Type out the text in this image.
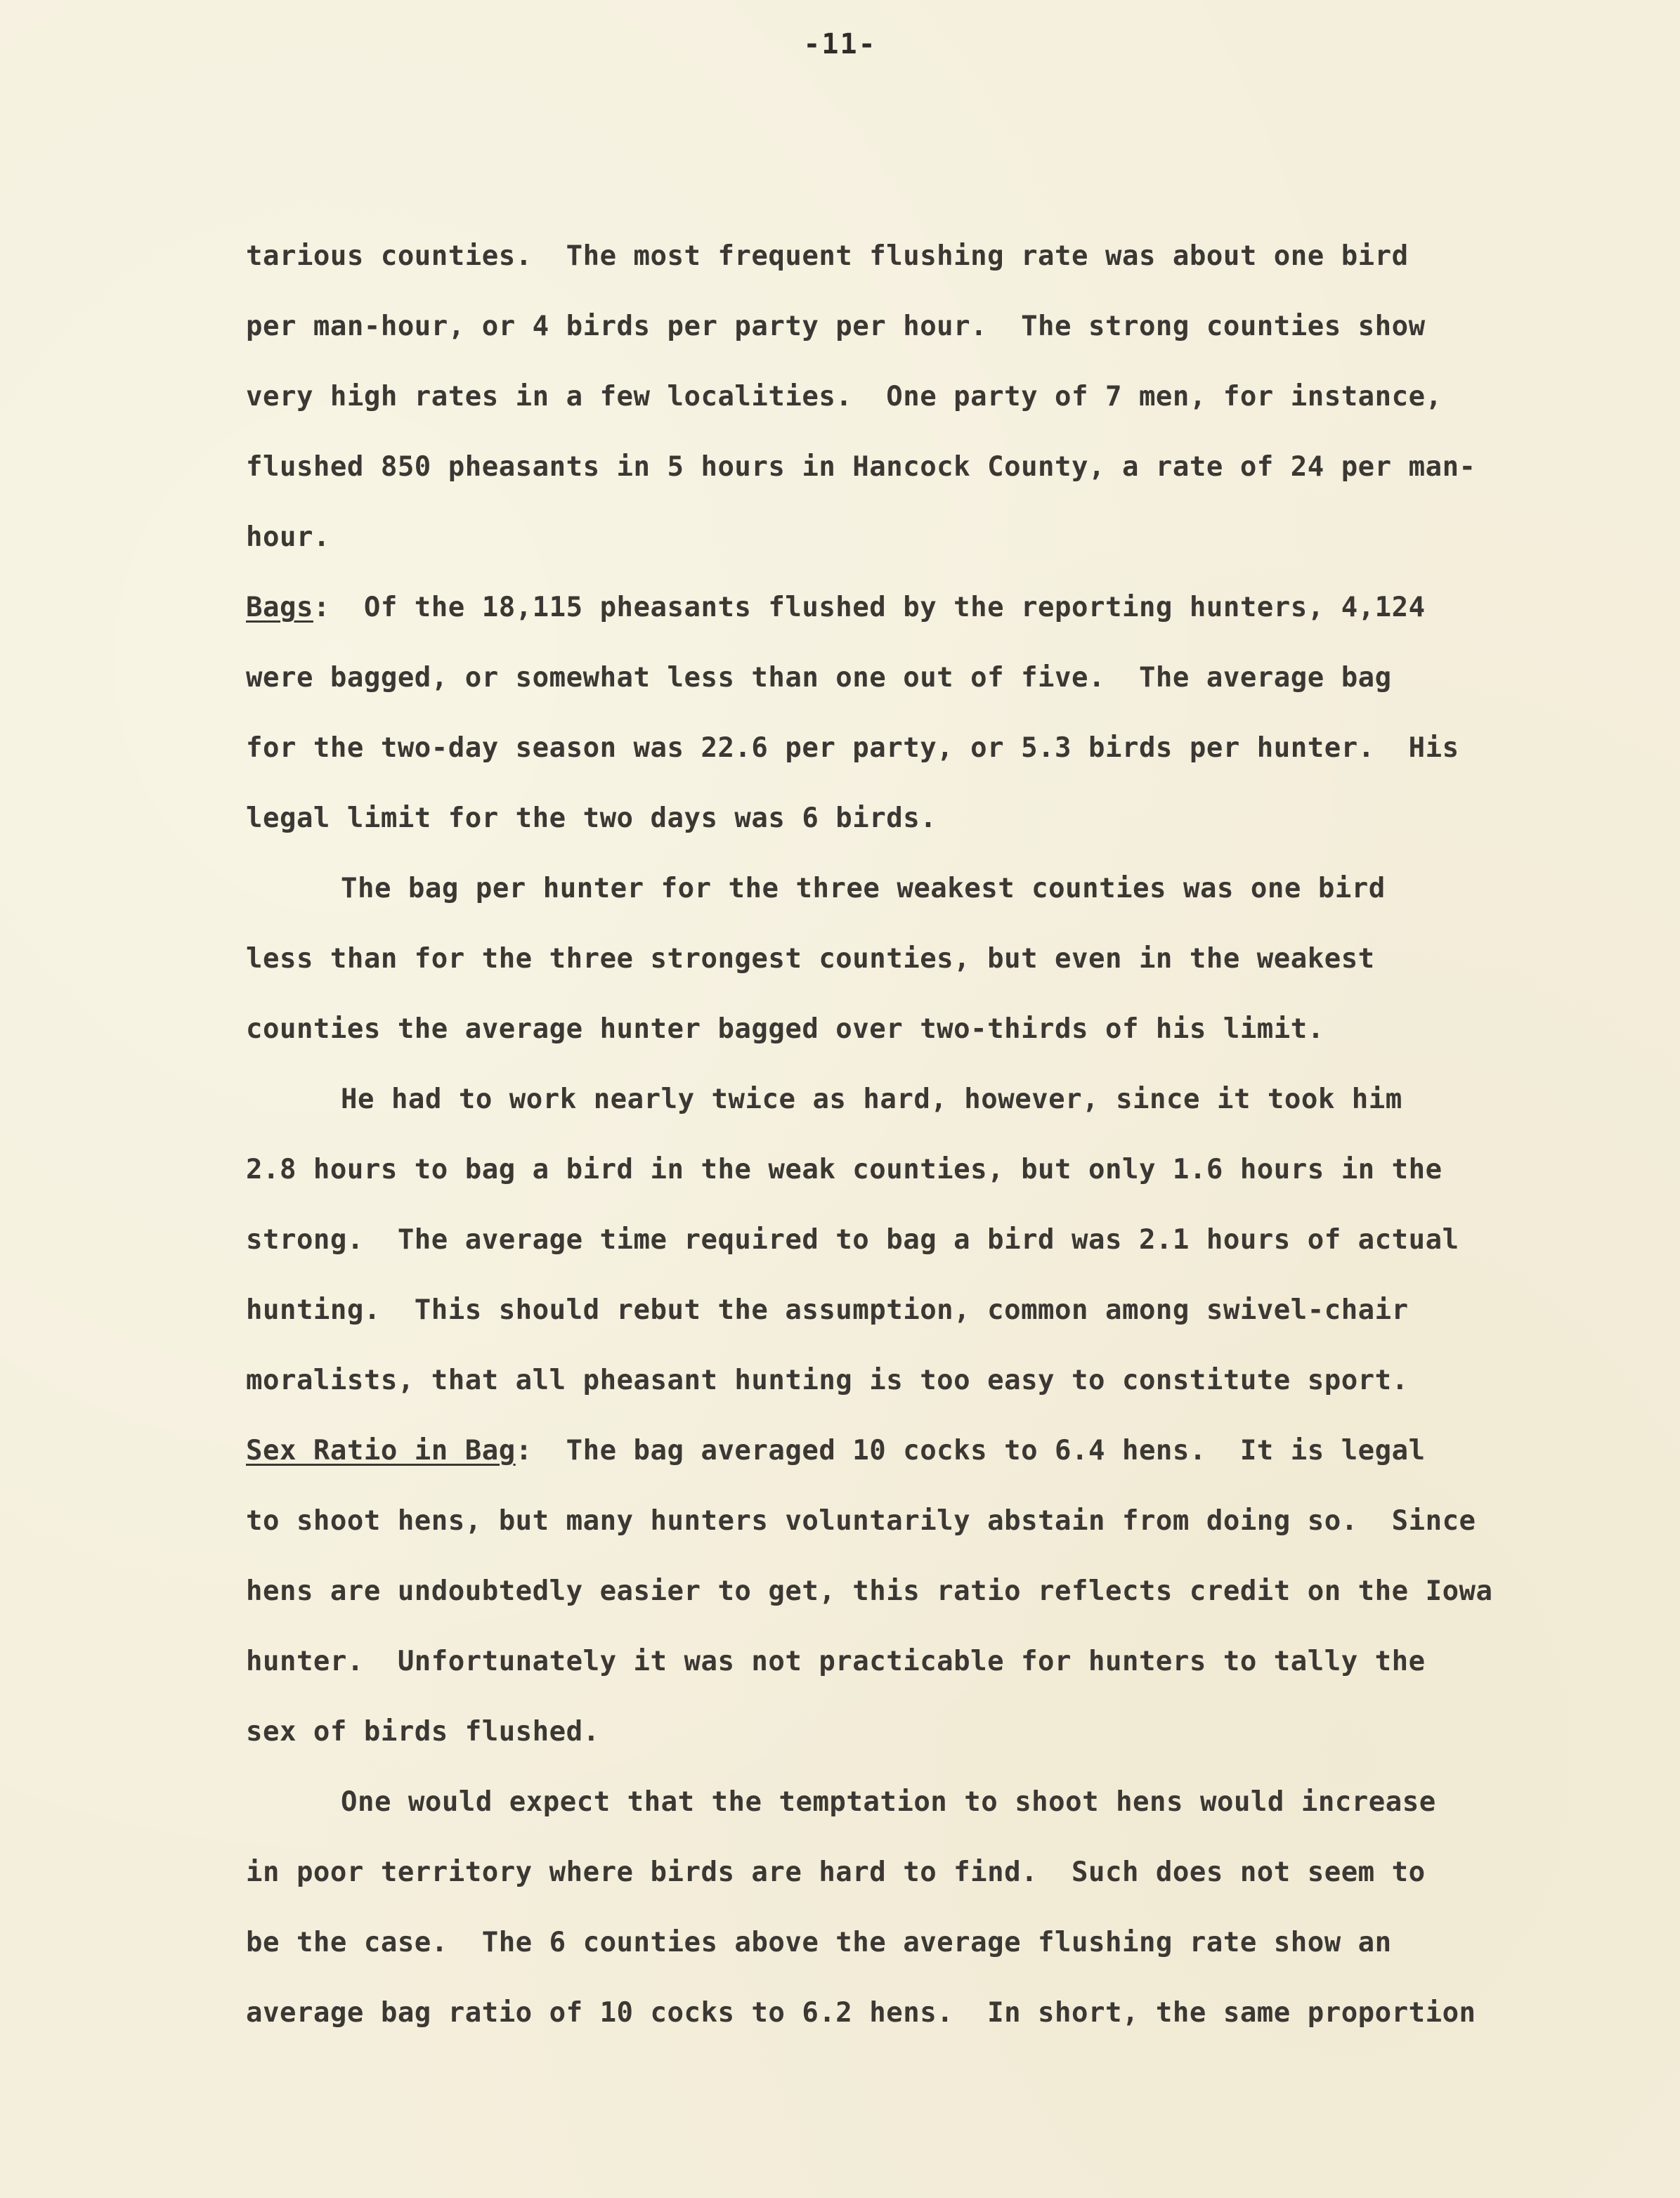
-11-
tarious counties.  The most frequent flushing rate was about one bird
per man-hour, or 4 birds per party per hour.  The strong counties show
very high rates in a few localities.  One party of 7 men, for instance,
flushed 850 pheasants in 5 hours in Hancock County, a rate of 24 per man-
hour.
Bags:  Of the 18,115 pheasants flushed by the reporting hunters, 4,124
were bagged, or somewhat less than one out of five.  The average bag
for the two-day season was 22.6 per party, or 5.3 birds per hunter.  His
legal limit for the two days was 6 birds.
The bag per hunter for the three weakest counties was one bird
less than for the three strongest counties, but even in the weakest
counties the average hunter bagged over two-thirds of his limit.
He had to work nearly twice as hard, however, since it took him
2.8 hours to bag a bird in the weak counties, but only 1.6 hours in the
strong.  The average time required to bag a bird was 2.1 hours of actual
hunting.  This should rebut the assumption, common among swivel-chair
moralists, that all pheasant hunting is too easy to constitute sport.
Sex Ratio in Bag:  The bag averaged 10 cocks to 6.4 hens.  It is legal
to shoot hens, but many hunters voluntarily abstain from doing so.  Since
hens are undoubtedly easier to get, this ratio reflects credit on the Iowa
hunter.  Unfortunately it was not practicable for hunters to tally the
sex of birds flushed.
One would expect that the temptation to shoot hens would increase
in poor territory where birds are hard to find.  Such does not seem to
be the case.  The 6 counties above the average flushing rate show an
average bag ratio of 10 cocks to 6.2 hens.  In short, the same proportion
